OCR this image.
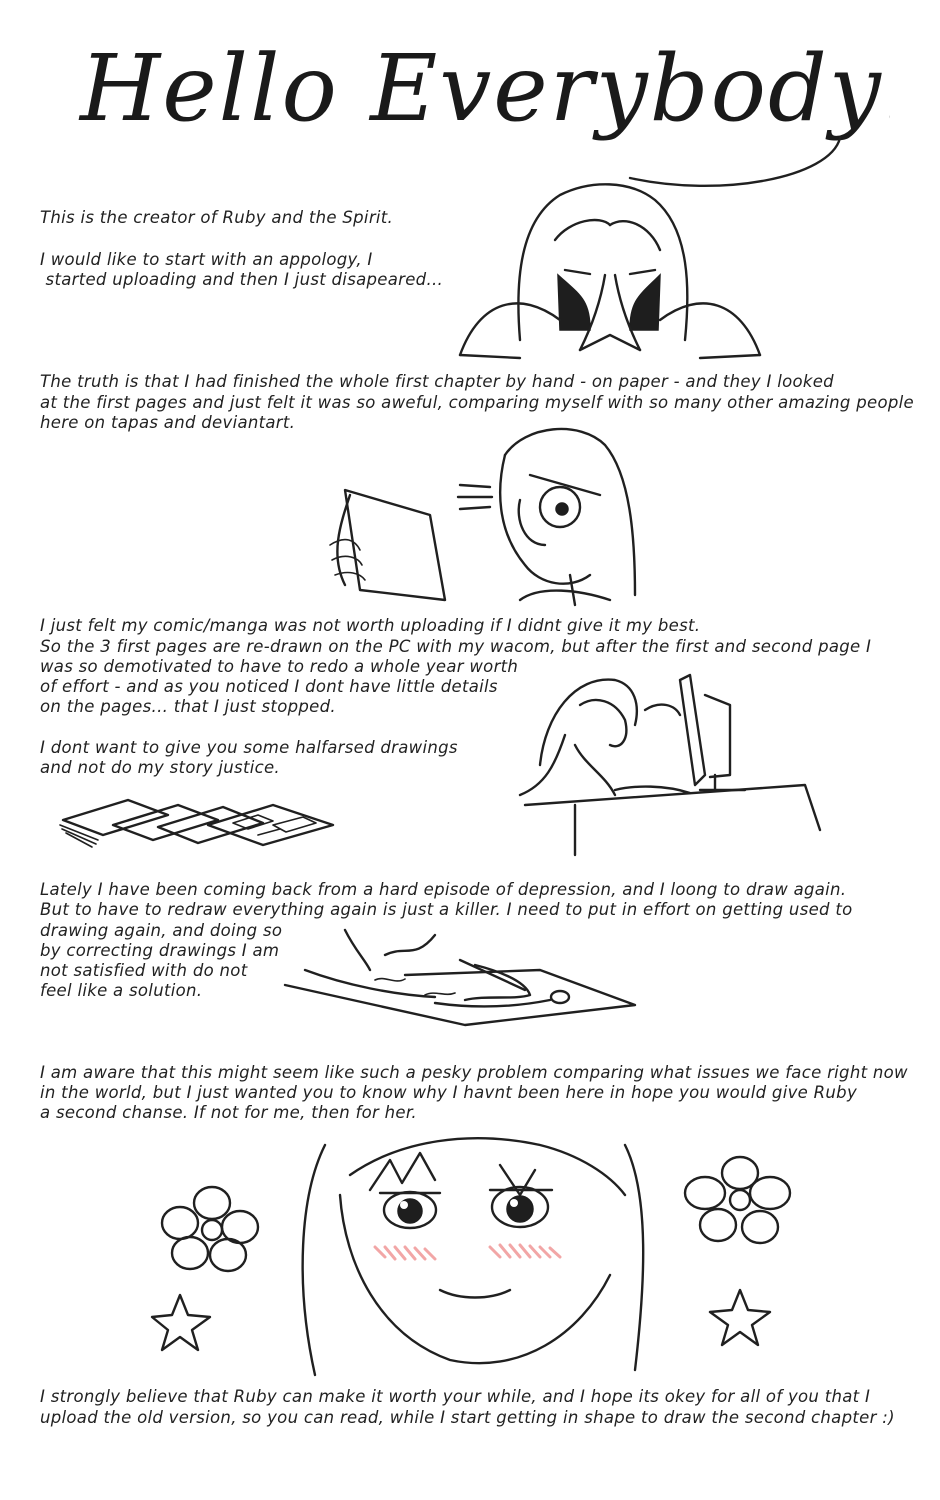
Hello Everybody!

This is the creator of Ruby and the Spirit.

I would like to start with an appology, I

started uploading and then I just disapeared...

The truth is that I had finished the whole first chapter by hand - on paper - and they I looked

at the first pages and just felt it was so aweful, comparing myself with so many other amazing people

here on tapas and deviantart.

I just felt my comic/manga was not worth uploading if I didnt give it my best.

So the 3 first pages are re-drawn on the PC with my wacom, but after the first and second page I

was so demotivated to have to redo a whole year worth

of effort - and as you noticed I dont have little details

on the pages... that I just stopped.

I dont want to give you some halfarsed drawings

and not do my story justice.

Lately I have been coming back from a hard episode of depression, and I loong to draw again.

But to have to redraw everything again is just a killer. I need to put in effort on getting used to

drawing again, and doing so

by correcting drawings I am

not satisfied with do not

feel like a solution.

I am aware that this might seem like such a pesky problem comparing what issues we face right now

in the world, but I just wanted you to know why I havnt been here in hope you would give Ruby

a second chanse. If not for me, then for her.

I strongly believe that Ruby can make it worth your while, and I hope its okey for all of you that I

upload the old version, so you can read, while I start getting in shape to draw the second chapter :)
